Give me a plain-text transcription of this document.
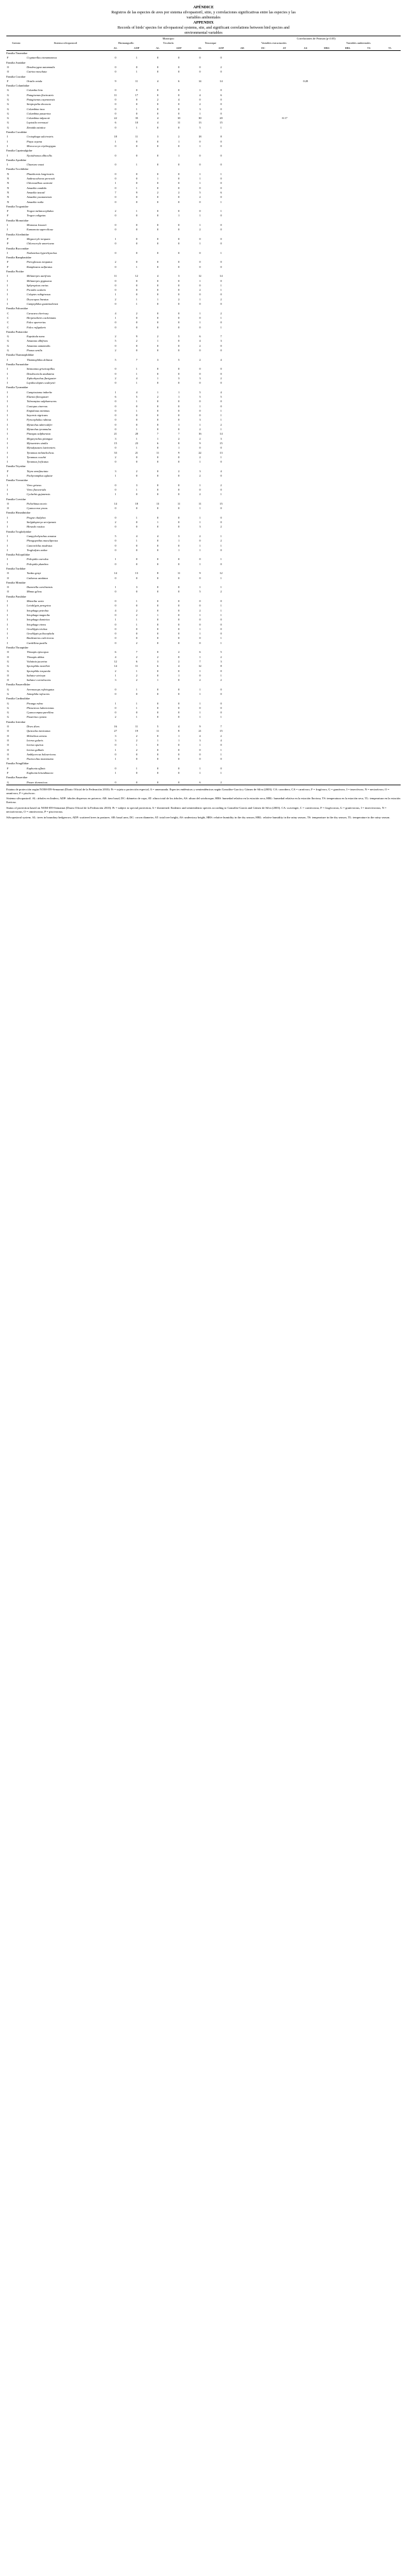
APÉNDICE
Registros de las especies de aves por sistema silvopastoril, sitio, y correlaciones significativas entre las especies y las
variables ambientales
APPENDIX
Records of birds' species for silvopastoral systems, site, and significant correlations between bird species and
environmental variables
Gremio	Sistema silvopastoril	Municipio						Correlaciones de Pearson (p<0.05)							
		Huimanguillo		Tecolutla		Tenosique		Variables estructurales				Variables ambientales			
		AL	ADP	AL	ADP	AL	ADP	AB	DC	AT	AS	HRS	HRL	TS	TL
Familia Tinamidae															
F	Crypturellus cinnamomeus	0	1	0	0	0	0								
Familia Anatidae															
O	Dendrocygna autumnalis	0	0	0	0	0	2								
O	Cairina moschata	0	1	0	0	0	0								
Familia Cracidae															
F	Ortalis vetula	9	11	4	6	14	14				0.28				
Familia Columbidae															
G	Columba livia	0	0	0	0	1	0								
G	Patagioenas flavirostris	11	17	0	0	4	6								
G	Patagioenas cayennensis	0	0	2	4	0	0								
G	Streptopelia decaocto	0	0	0	0	2	0								
G	Columbina inca	0	1	0	0	3	0								
G	Columbina passerina	0	0	0	0	1	0								
G	Columbina talpacoti	22	35	4	10	30	20			-0.17					
G	Leptotila verreauxi	6	10	4	11	13	15								
G	Zenaida asiatica	0	1	0	0	5	1								
Familia Cuculidae															
I	Crotophaga sulcirostris	18	11	3	2	18	8								
I	Piaya cayana	1	0	0	1	0	0								
I	Morococcyx erythropygus	0	0	0	0	1	0								
Familia Caprimulgidae															
I	Nyctidromus albicollis	0	0	0	1	0	0								
Familia Apodidae															
I	Chaetura vauxi	0	1	0	0	0	0								
Familia Trochilidae															
N	Phaethornis longirostris	0	0	0	0	1	1								
N	Anthracothorax prevostii	0	0	1	0	1	0								
N	Chlorostilbon canivetii	1	0	0	0	1	0								
N	Amazilia candida	0	1	0	0	0	0								
N	Amazilia tzacatl	7	9	2	2	5	6								
N	Amazilia yucatanensis	0	0	0	0	2	0								
N	Amazilia rutila	0	0	0	0	0	1								
Familia Trogonidae															
F	Trogon melanocephalus	2	1	0	0	0	1								
F	Trogon caligatus	0	0	0	1	1	0								
Familia Momotidae															
I	Momotus lessonii	0	0	0	0	1	0								
I	Eumomota superciliosa	0	0	0	0	2	0								
Familia Alcedinidae															
P	Megaceryle torquata	1	0	0	0	0	0								
P	Chloroceryle americana	0	0	0	0	1	0								
Familia Bucconidae															
I	Notharchus hyperrhynchus	0	0	0	0	0	1								
Familia Ramphastidae															
F	Pteroglossus torquatus	2	0	0	0	0	0								
F	Ramphastos sulfuratus	0	1	0	0	0	0								
Familia Picidae															
I	Melanerpes aurifrons	11	12	4	3	12	14								
I	Melanerpes pygmaeus	0	0	0	0	1	0								
I	Sphyrapicus varius	0	0	0	0	0	1								
I	Picoides scalaris	0	0	0	0	2	1								
I	Colaptes rubiginosus	1	0	0	0	0	0								
I	Dryocopus lineatus	2	1	1	2	1	2								
I	Campephilus guatemalensis	0	1	0	0	0	0								
Familia Falconidae															
C	Caracara cheriway	4	2	0	0	1	2								
C	Herpetotheres cachinnans	1	0	0	0	0	1								
C	Falco sparverius	0	0	0	0	1	0								
C	Falco rufigularis	0	0	0	0	0	1								
Familia Psittacidae															
G	Eupsittula nana	2	9	2	5	6	7								
G	Amazona albifrons	5	2	1	0	4	3								
G	Amazona autumnalis	0	0	0	0	2	0								
G	Pionus senilis	2	0	0	0	0	0								
Familia Thamnophilidae															
I	Thamnophilus doliatus	5	7	3	5	2	4								
Familia Furnariidae															
I	Sittasomus griseicapillus	0	1	0	0	0	0								
I	Dendrocincla anabatina	0	1	0	0	0	0								
I	Xiphorhynchus flavigaster	2	4	1	3	3	2								
I	Lepidocolaptes souleyetii	0	1	0	0	0	0								
Familia Tyrannidae															
I	Camptostoma imberbe	1	4	1	1	5	4								
I	Elaenia flavogaster	6	5	2	1	5	5								
I	Tolmomyias sulphurescens	0	1	0	0	0	0								
I	Contopus cinereus	0	0	0	0	1	0								
I	Empidonax minimus	0	1	0	0	0	1								
I	Sayornis nigricans	0	0	0	0	0	1								
I	Pyrocephalus rubinus	0	0	0	0	3	1								
I	Myiarchus tuberculifer	0	0	0	1	1	2								
I	Myiarchus tyrannulus	0	1	0	0	2	1								
I	Pitangus sulphuratus	21	20	7	7	16	14								
I	Megarynchus pitangua	3	1	1	2	2	3								
I	Myiozetetes similis	15	23	6	8	9	15								
I	Myiodynastes luteiventris	0	1	0	1	0	0								
I	Tyrannus melancholicus	33	21	11	9	22	13								
I	Tyrannus couchii	2	0	0	0	2	1								
I	Tyrannus forficatus	0	0	0	0	1	0								
Familia Tityridae															
F	Tityra semifasciata	3	2	0	2	3	4								
I	Pachyramphus aglaiae	1	0	0	0	2	0								
Familia Vireonidae															
I	Vireo griseus	0	3	0	0	1	2								
I	Vireo flavoviridis	0	1	0	0	0	0								
I	Cyclarhis gujanensis	1	0	0	0	2	1								
Familia Corvidae															
O	Psilorhinus morio	14	18	13	11	11	15								
O	Cyanocorax yncas	0	0	0	0	1	0								
Familia Hirundinidae															
I	Progne chalybea	0	1	0	0	1	0								
I	Stelgidopteryx serripennis	2	0	1	0	1	0								
I	Hirundo rustica	0	0	0	0	3	2								
Familia Troglodytidae															
I	Campylorhynchus zonatus	5	4	4	3	2	1								
I	Pheugopedius maculipectus	0	1	0	1	0	2								
I	Cantorchilus modestus	0	0	0	0	1	1								
I	Troglodytes aedon	0	0	0	1	1	0								
Familia Polioptilidae															
I	Polioptila caerulea	1	0	0	0	0	1								
I	Polioptila plumbea	0	0	0	0	1	0								
Familia Turdidae															
O	Turdus grayi	14	13	8	11	9	12								
O	Catharus ustulatus	0	0	0	0	0	1								
Familia Mimidae															
O	Dumetella carolinensis	1	3	0	0	1	1								
O	Mimus gilvus	0	0	0	0	5	2								
Familia Parulidae															
I	Mniotilta varia	0	1	0	0	0	0								
I	Leiothlypis peregrina	0	0	0	0	0	1								
I	Setophaga petechia	4	2	0	0	2	1								
I	Setophaga magnolia	0	2	1	0	1	1								
I	Setophaga dominica	1	1	0	0	0	0								
I	Setophaga virens	0	1	0	0	0	0								
I	Geothlypis trichas	0	0	0	0	1	0								
I	Geothlypis poliocephala	0	0	0	0	1	0								
I	Basileuterus culicivorus	0	0	0	0	0	1								
I	Cardellina pusilla	0	2	0	0	0	1								
Familia Thraupidae															
O	Thraupis episcopus	6	7	0	2	6	5								
O	Thraupis abbas	4	2	2	0	1	2								
G	Volatinia jacarina	12	6	3	2	7	3								
G	Sporophila morelleti	14	11	6	4	12	8								
G	Sporophila torqueola	2	1	0	0	1	0								
O	Saltator atriceps	1	2	0	1	0	1								
O	Saltator coerulescens	3	2	1	0	2	2								
Familia Passerellidae															
G	Arremonops rufivirgatus	0	1	0	0	1	0								
G	Aimophila rufescens	0	0	0	0	1	0								
Familia Cardinalidae															
G	Piranga rubra	1	1	0	0	1	0								
G	Pheucticus ludovicianus	0	1	0	0	0	0								
G	Cyanocompsa parellina	0	0	0	0	1	0								
G	Passerina cyanea	2	1	0	0	1	1								
Familia Icteridae															
O	Dives dives	16	11	5	4	9	7								
O	Quiscalus mexicanus	27	19	11	8	21	15								
O	Molothrus aeneus	3	2	0	1	4	2								
O	Icterus gularis	3	2	1	1	3	4								
O	Icterus spurius	0	1	0	0	1	0								
O	Icterus galbula	1	2	0	0	0	1								
O	Amblycercus holosericeus	0	0	0	0	0	1								
O	Psarocolius montezuma	1	0	0	0	0	0								
Familia Fringillidae															
F	Euphonia affinis	0	1	0	0	1	0								
F	Euphonia hirundinacea	1	0	0	0	1	1								
Familia Passeridae															
G	Passer domesticus	0	0	0	0	6	2								

Estatus de protección según NOM-059-Semarnat (Diario Oficial de la Federación 2010): Pr = sujeta a protección especial, A = amenazada. Especies endémicas y semiendémicas según González-García y Gómez de Silva (2003). CA: carroñero, CA = carnívoro, F = frugívoro, G = granívoro, I = insectívoro, N = nectarívoro, O = omnívoro, P = piscívoro.

Sistema silvopastoril. AL: árboles en lindero, ADP: árboles dispersos en potreros. AB: área basal, DC: diámetro de copa, AT: altura total de los árboles, AS: altura del sotobosque, HRS: humedad relativa en la estación seca, HRL: humedad relativa en la estación lluviosa, TS: temperatura en la estación seca, TL: temperatura en la estación lluviosa.

Status of protection based on NOM-059-Semarnat (Diario Oficial de la Federación 2010): Pr = subject to special protection, A = threatened. Endemic and semiendemic species according to González-García and Gómez de Silva (2003). CA: scavenger, C = carnivorous, F = frugivorous, G = granivorous, I = insectivorous, N = nectarivorous, O = omnivorous, P = piscivorous.

Silvopastoral system. AL: trees in boundary hedgerows, ADP: scattered trees in pastures. AB: basal area, DC: crown diameter, AT: total tree height, AS: understory height, HRS: relative humidity in the dry season, HRL: relative humidity in the rainy season, TS: temperature in the dry season, TL: temperature in the rainy season.
